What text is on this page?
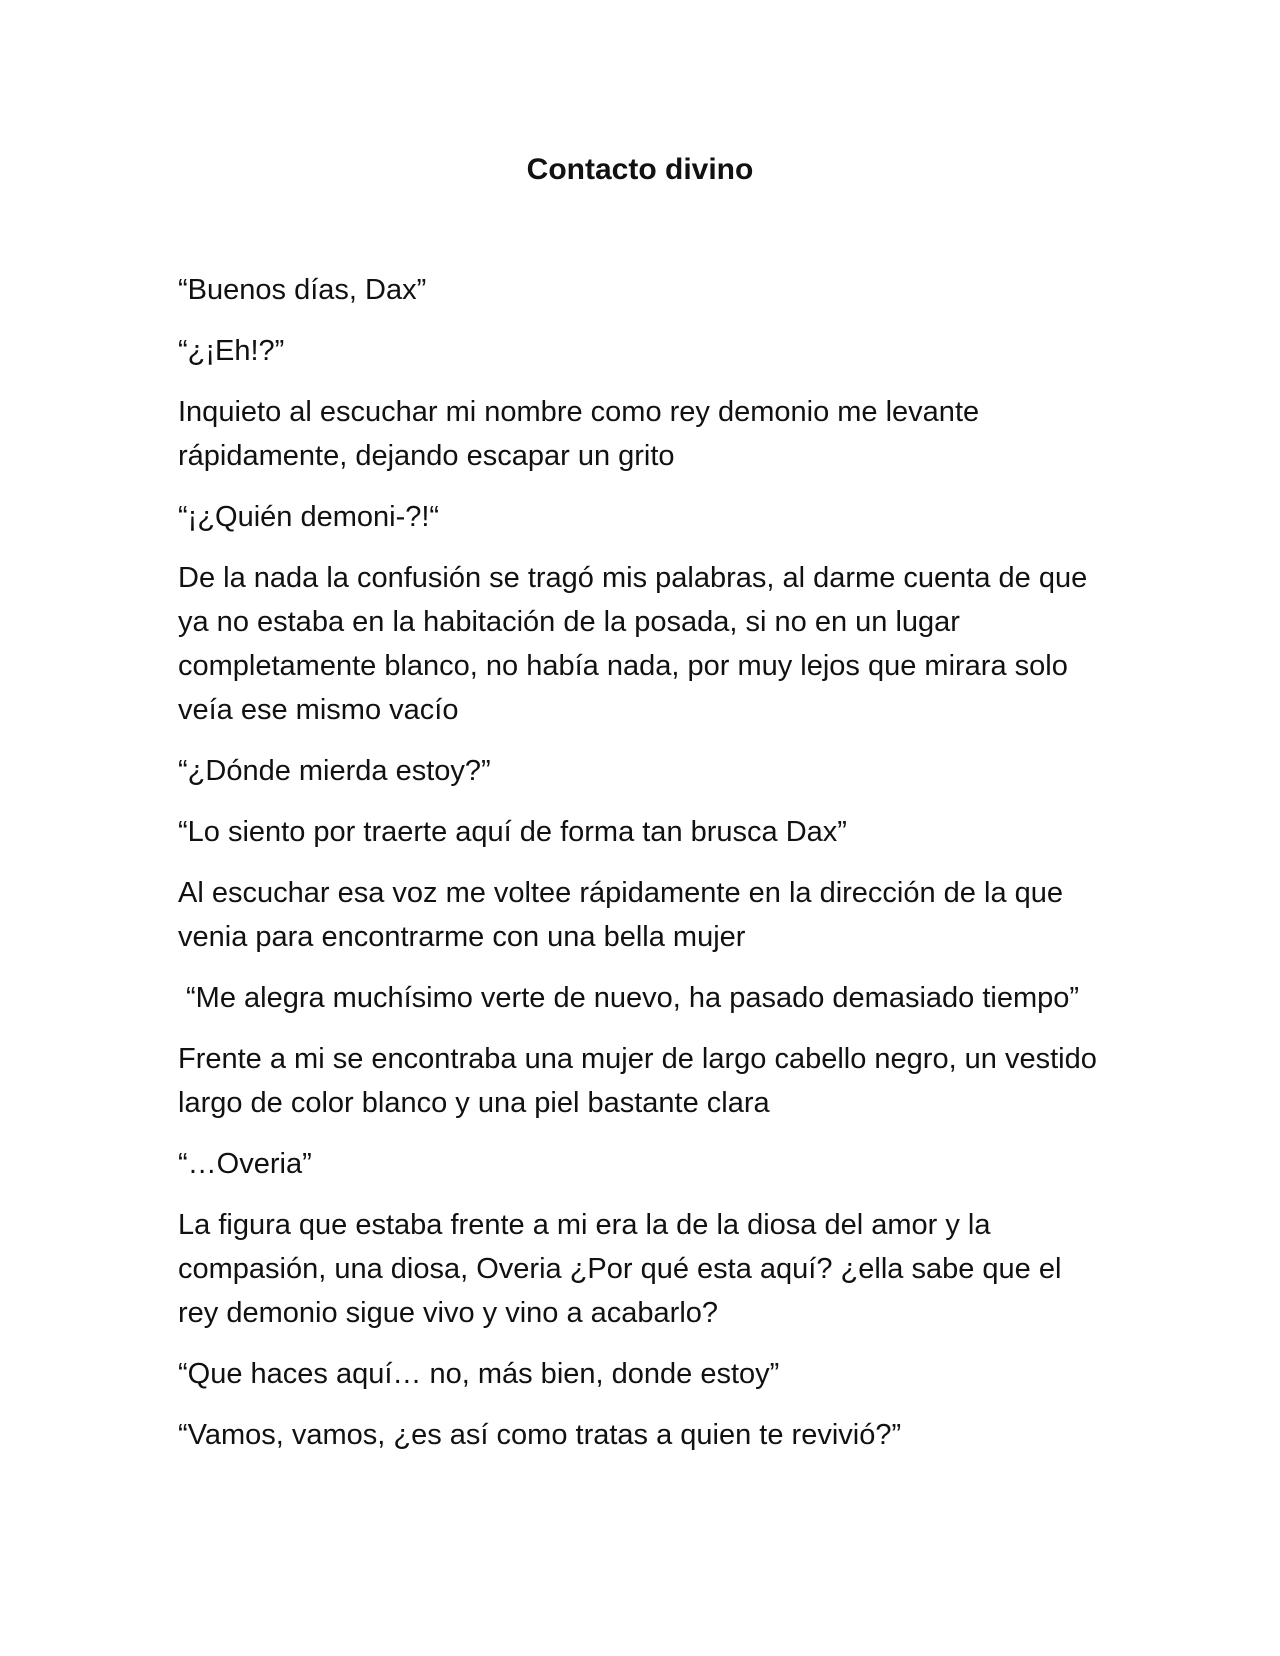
Contacto divino

“Buenos días, Dax”

“¿¡Eh!?”

Inquieto al escuchar mi nombre como rey demonio me levante rápidamente, dejando escapar un grito

“¡¿Quién demoni-?!“

De la nada la confusión se tragó mis palabras, al darme cuenta de que ya no estaba en la habitación de la posada, si no en un lugar completamente blanco, no había nada, por muy lejos que mirara solo veía ese mismo vacío

“¿Dónde mierda estoy?”

“Lo siento por traerte aquí de forma tan brusca Dax”

Al escuchar esa voz me voltee rápidamente en la dirección de la que venia para encontrarme con una bella mujer

“Me alegra muchísimo verte de nuevo, ha pasado demasiado tiempo”

Frente a mi se encontraba una mujer de largo cabello negro, un vestido largo de color blanco y una piel bastante clara

“…Overia”

La figura que estaba frente a mi era la de la diosa del amor y la compasión, una diosa, Overia ¿Por qué esta aquí? ¿ella sabe que el rey demonio sigue vivo y vino a acabarlo?

“Que haces aquí… no, más bien, donde estoy”

“Vamos, vamos, ¿es así como tratas a quien te revivió?”
